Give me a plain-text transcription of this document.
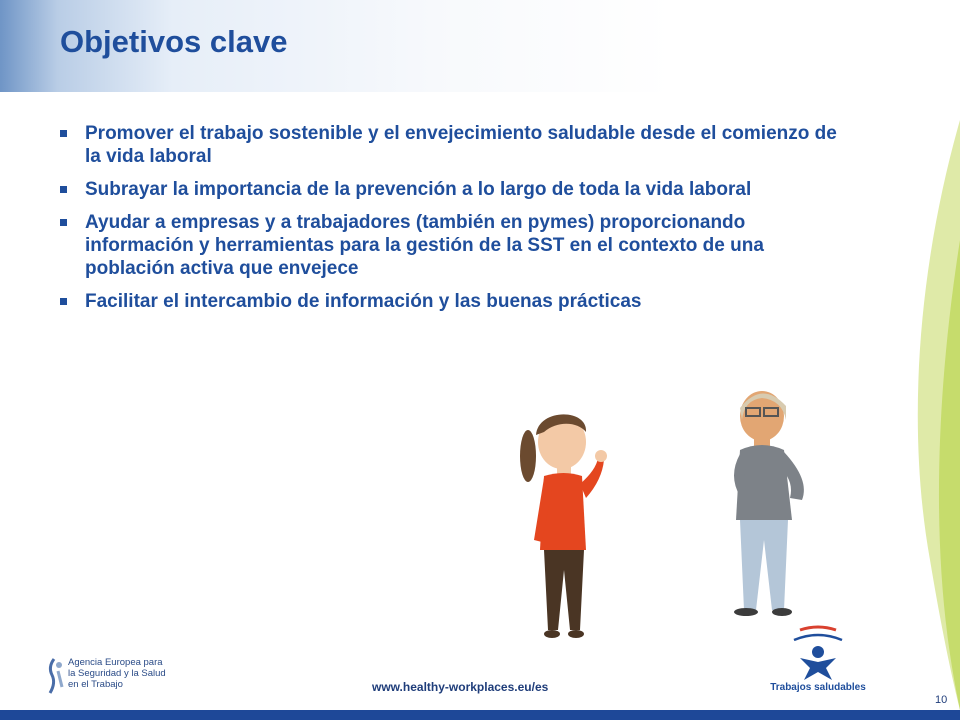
Objetivos clave
Promover el trabajo sostenible y el envejecimiento saludable desde el comienzo de la vida laboral
Subrayar la importancia de la prevención a lo largo de toda la vida laboral
Ayudar a empresas y a trabajadores (también en pymes) proporcionando información y herramientas para la gestión de la SST en el contexto de una población activa que envejece
Facilitar el intercambio de información y las buenas prácticas
Agencia Europea para
la Seguridad y la Salud
en el Trabajo	www.healthy-workplaces.eu/es	Trabajos saludables
10
